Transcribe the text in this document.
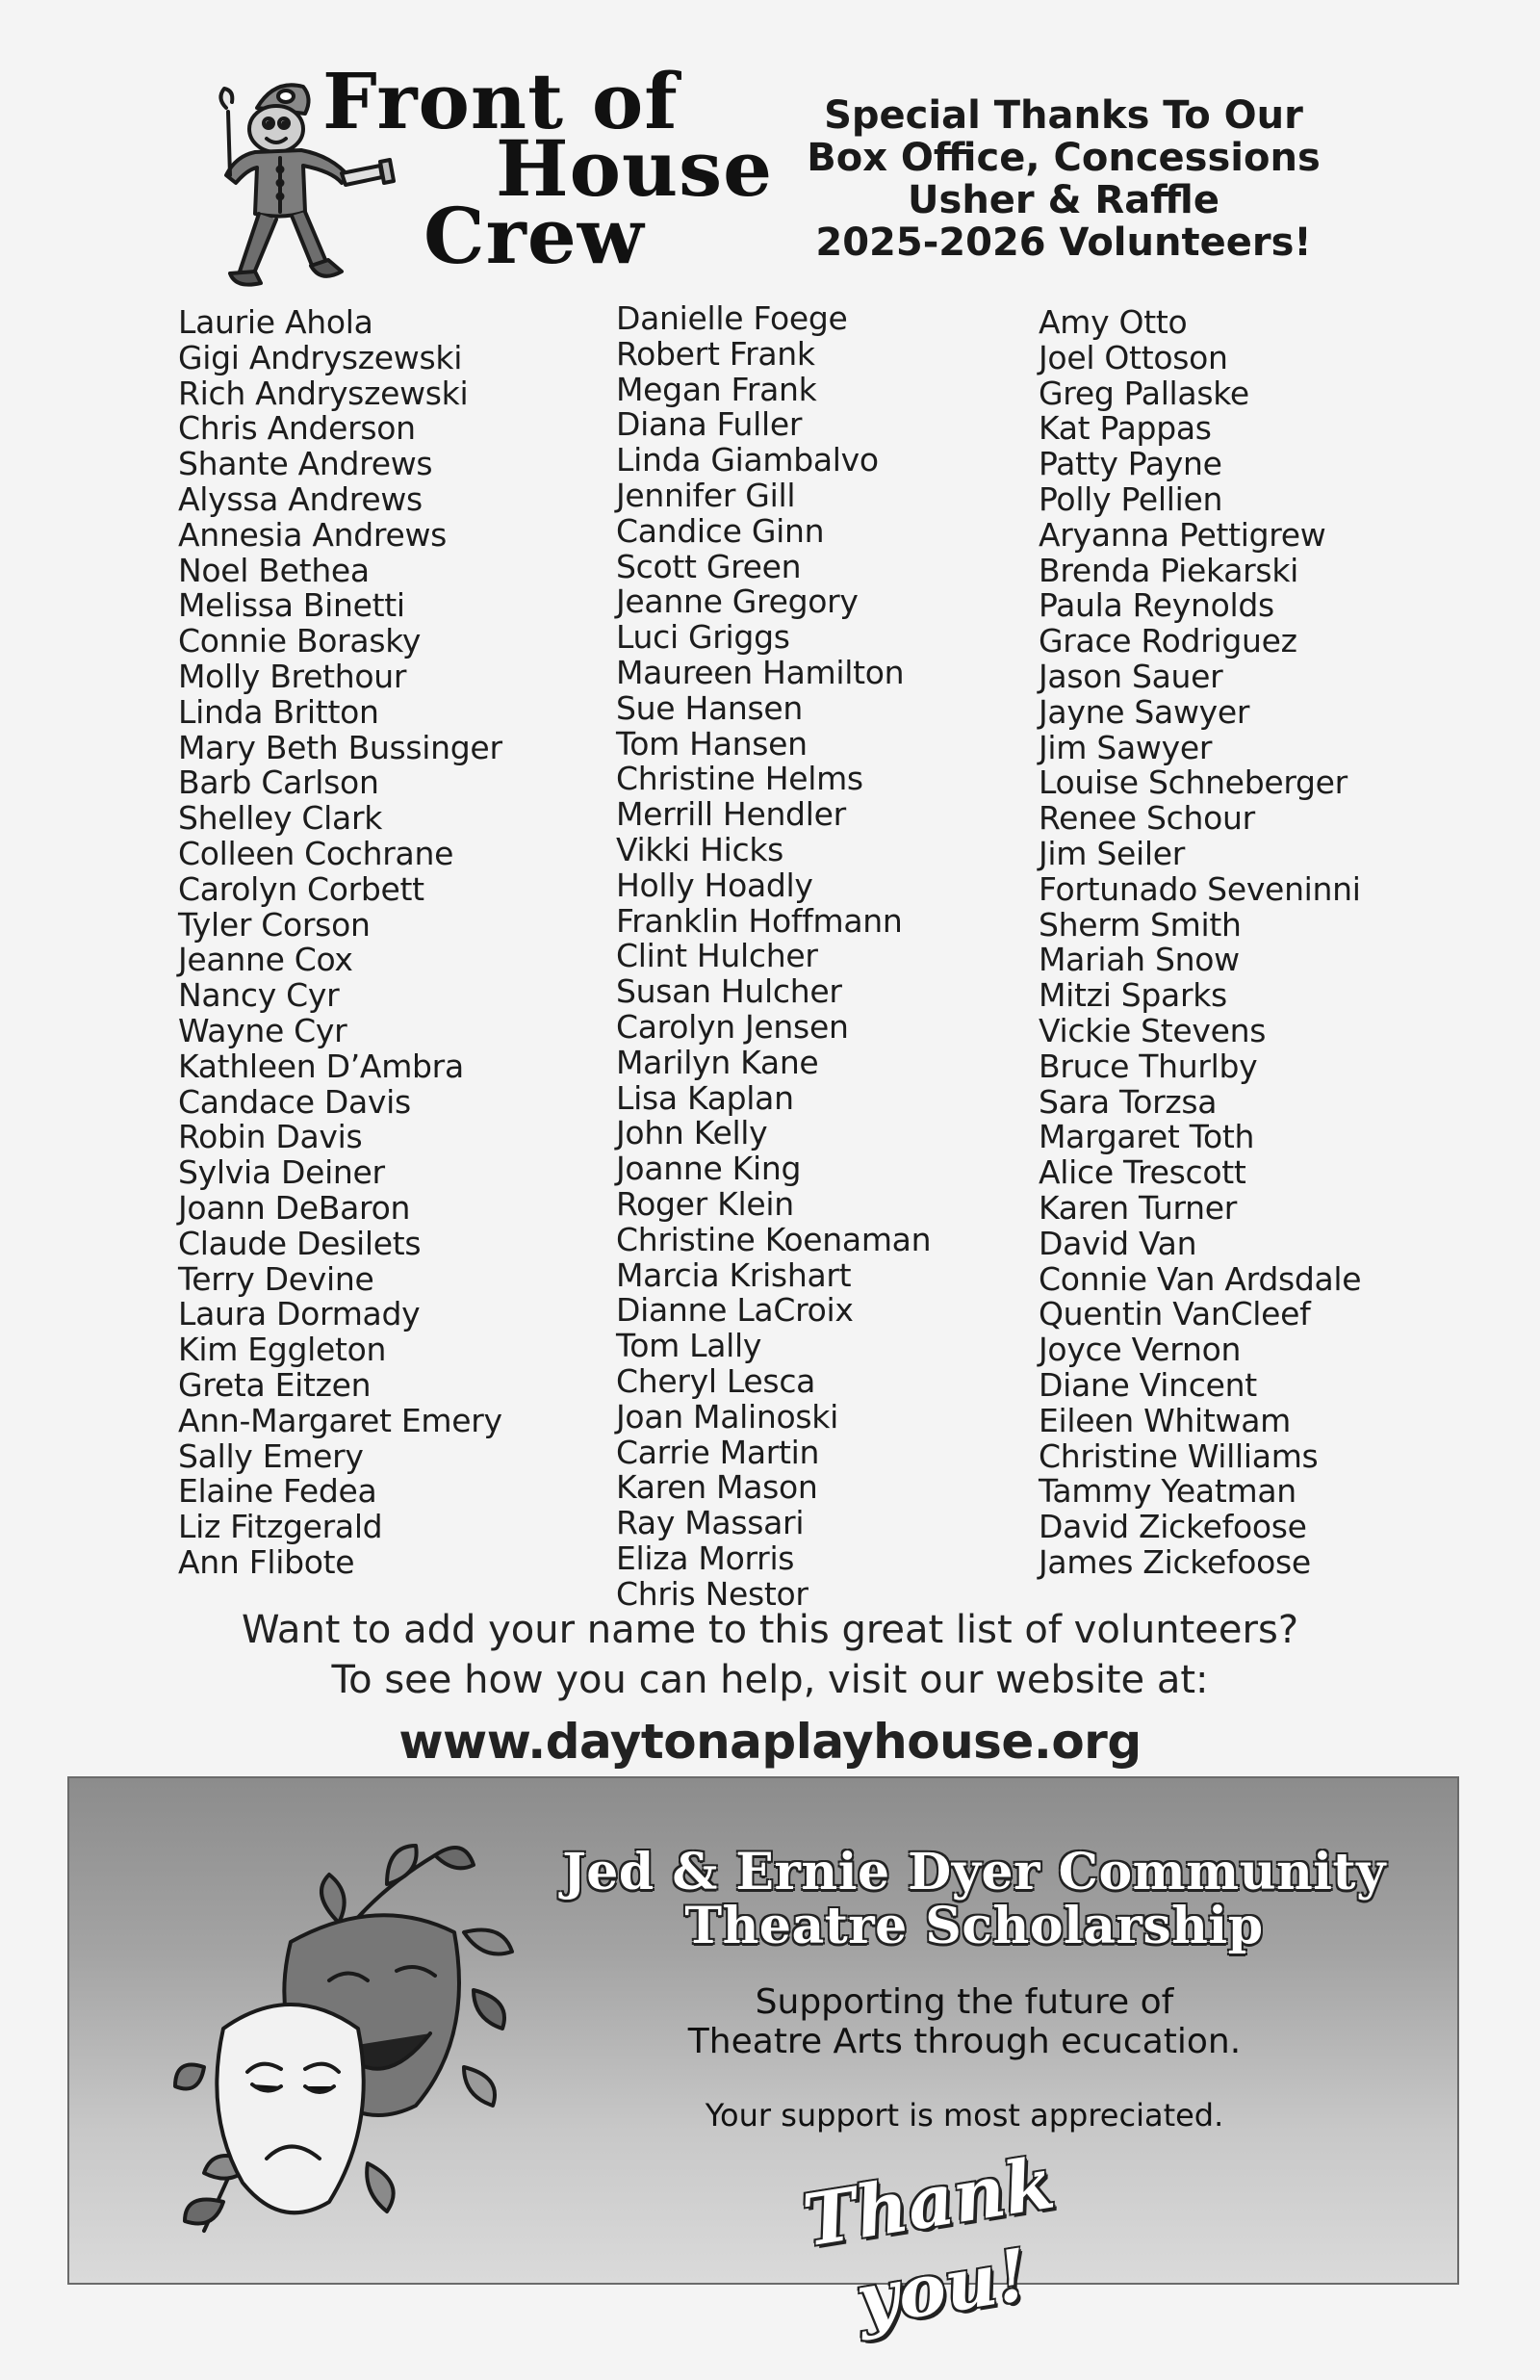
Front of
House
Crew
Special Thanks To Our
Box Office, Concessions
Usher & Raffle
2025-2026 Volunteers!
Laurie Ahola
Gigi Andryszewski
Rich Andryszewski
Chris Anderson
Shante Andrews
Alyssa Andrews
Annesia Andrews
Noel Bethea
Melissa Binetti
Connie Borasky
Molly Brethour
Linda Britton
Mary Beth Bussinger
Barb Carlson
Shelley Clark
Colleen Cochrane
Carolyn Corbett
Tyler Corson
Jeanne Cox
Nancy Cyr
Wayne Cyr
Kathleen D’Ambra
Candace Davis
Robin Davis
Sylvia Deiner
Joann DeBaron
Claude Desilets
Terry Devine
Laura Dormady
Kim Eggleton
Greta Eitzen
Ann-Margaret Emery
Sally Emery
Elaine Fedea
Liz Fitzgerald
Ann Flibote
Danielle Foege
Robert Frank
Megan Frank
Diana Fuller
Linda Giambalvo
Jennifer Gill
Candice Ginn
Scott Green
Jeanne Gregory
Luci Griggs
Maureen Hamilton
Sue Hansen
Tom Hansen
Christine Helms
Merrill Hendler
Vikki Hicks
Holly Hoadly
Franklin Hoffmann
Clint Hulcher
Susan Hulcher
Carolyn Jensen
Marilyn Kane
Lisa Kaplan
John Kelly
Joanne King
Roger Klein
Christine Koenaman
Marcia Krishart
Dianne LaCroix
Tom Lally
Cheryl Lesca
Joan Malinoski
Carrie Martin
Karen Mason
Ray Massari
Eliza Morris
Chris Nestor
Amy Otto
Joel Ottoson
Greg Pallaske
Kat Pappas
Patty Payne
Polly Pellien
Aryanna Pettigrew
Brenda Piekarski
Paula Reynolds
Grace Rodriguez
Jason Sauer
Jayne Sawyer
Jim Sawyer
Louise Schneberger
Renee Schour
Jim Seiler
Fortunado Seveninni
Sherm Smith
Mariah Snow
Mitzi Sparks
Vickie Stevens
Bruce Thurlby
Sara Torzsa
Margaret Toth
Alice Trescott
Karen Turner
David Van
Connie Van Ardsdale
Quentin VanCleef
Joyce Vernon
Diane Vincent
Eileen Whitwam
Christine Williams
Tammy Yeatman
David Zickefoose
James Zickefoose
Want to add your name to this great list of volunteers?
To see how you can help, visit our website at:
www.daytonaplayhouse.org
Jed & Ernie Dyer Community
Theatre Scholarship
Supporting the future of
Theatre Arts through ecucation.
Your support is most appreciated.
Thank you!
